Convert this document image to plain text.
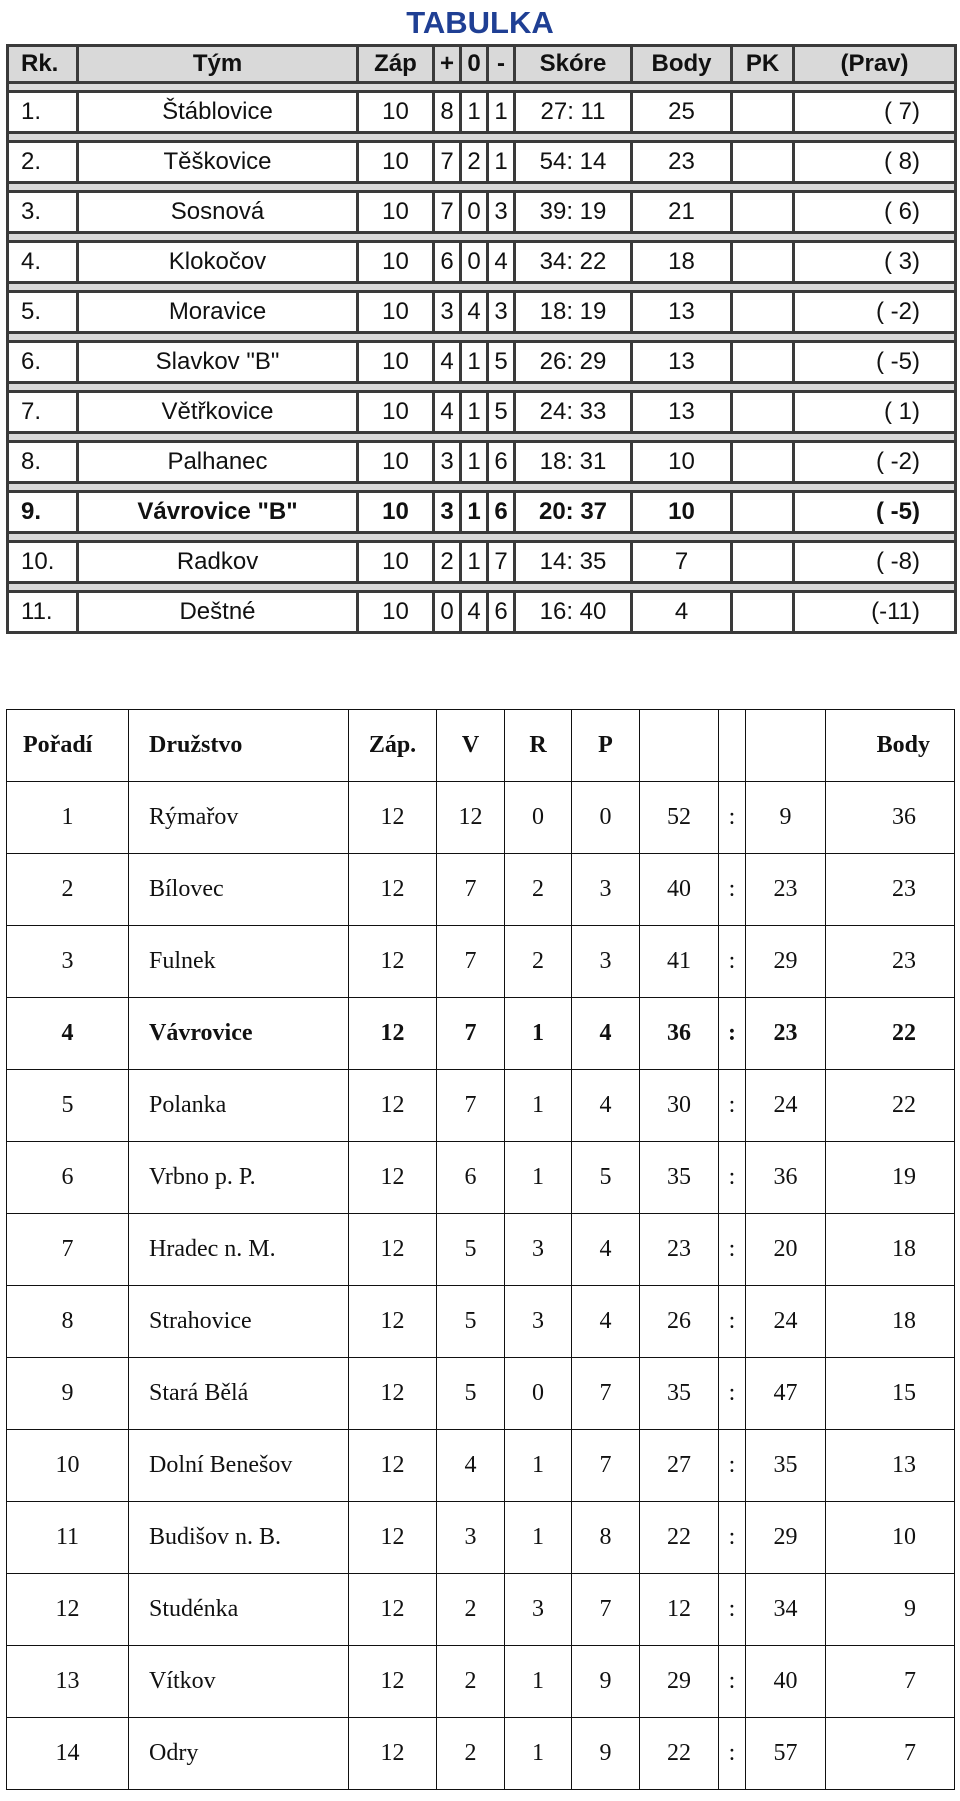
TABULKA
Rk.	Tým	Záp	+	0	-	Skóre	Body	PK	(Prav)

1.	Štáblovice	10	8	1	1	27: 11	25		( 7)

2.	Těškovice	10	7	2	1	54: 14	23		( 8)

3.	Sosnová	10	7	0	3	39: 19	21		( 6)

4.	Klokočov	10	6	0	4	34: 22	18		( 3)

5.	Moravice	10	3	4	3	18: 19	13		( -2)

6.	Slavkov "B"	10	4	1	5	26: 29	13		( -5)

7.	Větřkovice	10	4	1	5	24: 33	13		( 1)

8.	Palhanec	10	3	1	6	18: 31	10		( -2)

9.	Vávrovice "B"	10	3	1	6	20: 37	10		( -5)

10.	Radkov	10	2	1	7	14: 35	7		( -8)

11.	Deštné	10	0	4	6	16: 40	4		(-11)
Pořadí	Družstvo	Záp.	V	R	P				Body
1	Rýmařov	12	12	0	0	52	:	9	36
2	Bílovec	12	7	2	3	40	:	23	23
3	Fulnek	12	7	2	3	41	:	29	23
4	Vávrovice	12	7	1	4	36	:	23	22
5	Polanka	12	7	1	4	30	:	24	22
6	Vrbno p. P.	12	6	1	5	35	:	36	19
7	Hradec n. M.	12	5	3	4	23	:	20	18
8	Strahovice	12	5	3	4	26	:	24	18
9	Stará Bělá	12	5	0	7	35	:	47	15
10	Dolní Benešov	12	4	1	7	27	:	35	13
11	Budišov n. B.	12	3	1	8	22	:	29	10
12	Studénka	12	2	3	7	12	:	34	9
13	Vítkov	12	2	1	9	29	:	40	7
14	Odry	12	2	1	9	22	:	57	7
